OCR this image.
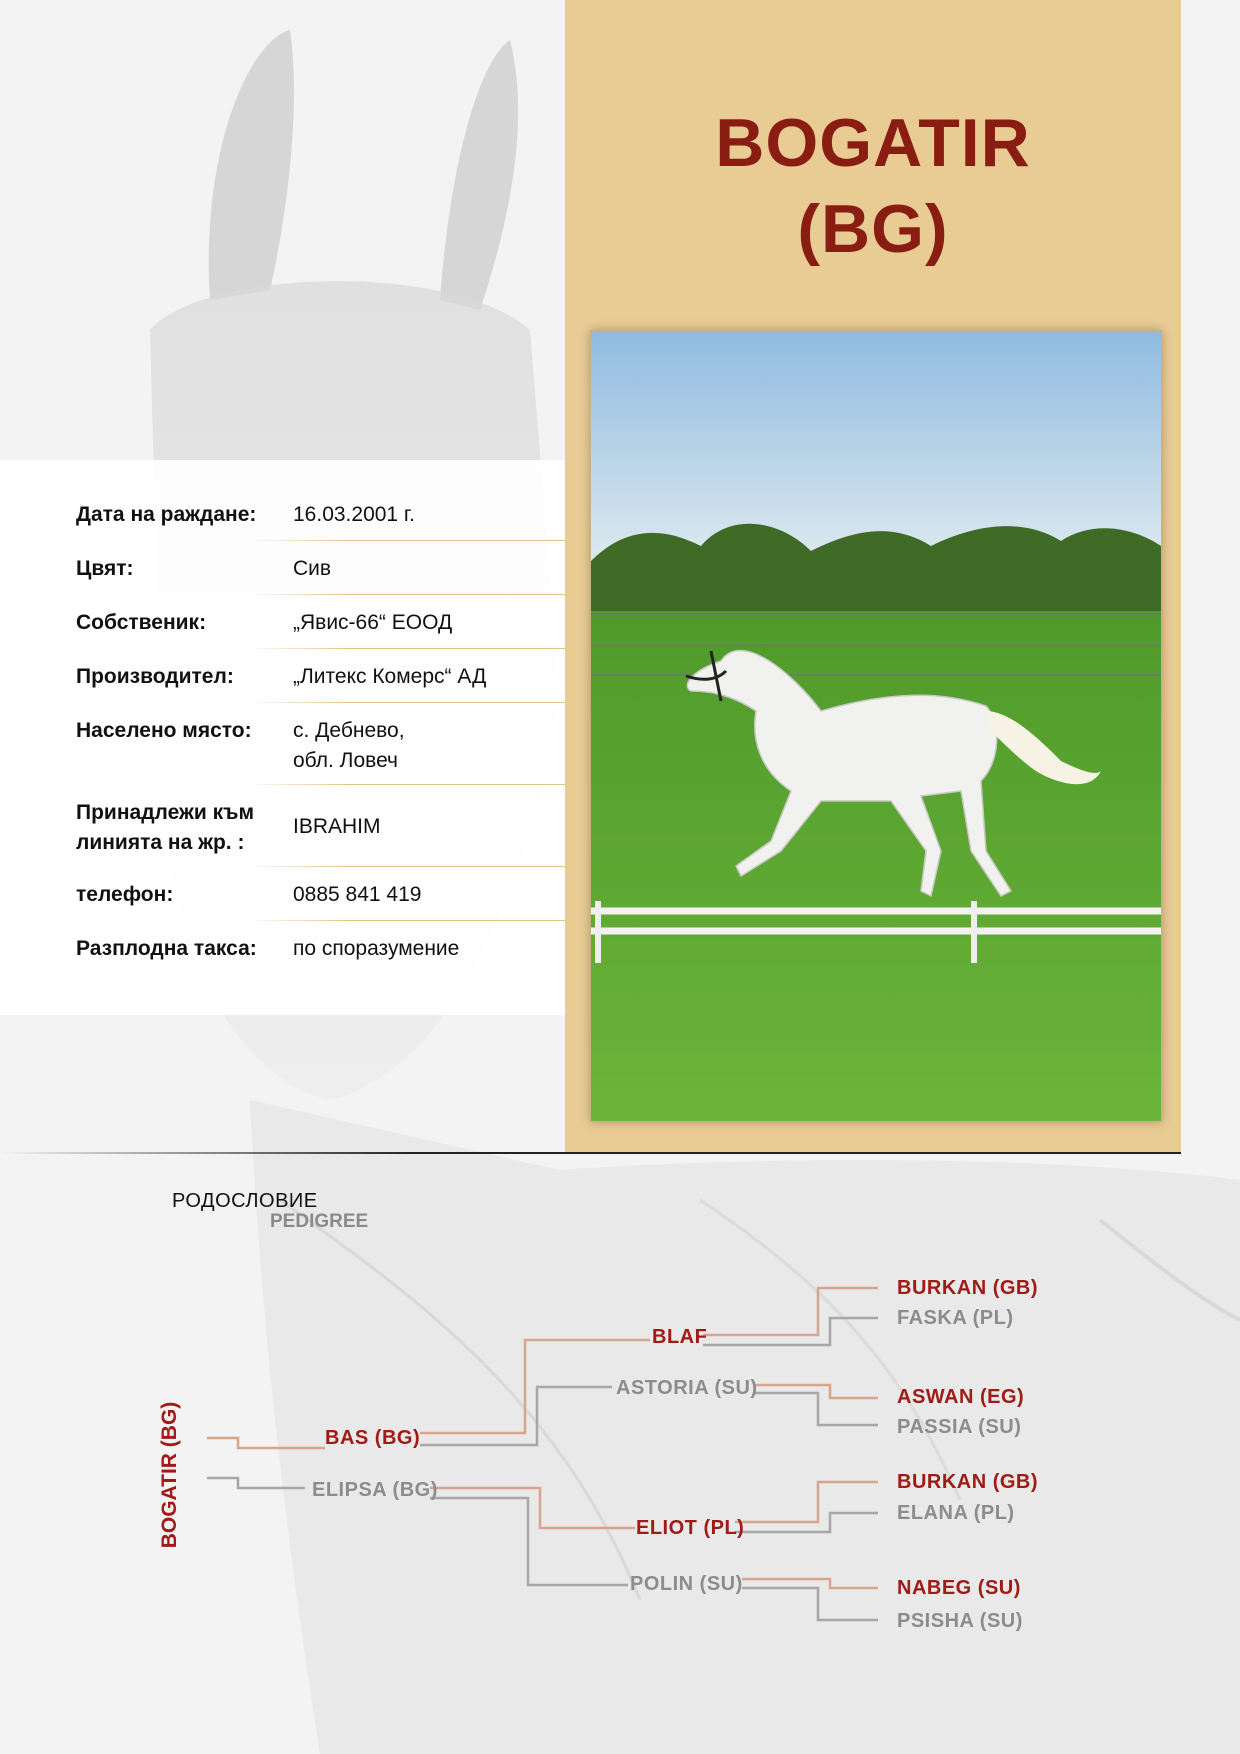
BOGATIR
(BG)
Дата на раждане:	16.03.2001 г.
Цвят:	Сив
Собственик:	„Явис-66“ ЕООД
Производител:	„Литекс Комерс“ АД
Населено място:	с. Дебнево,
обл. Ловеч
Принадлежи към
линията на жр. :
IBRAHIM
телефон:	0885 841 419
Разплодна такса:	по споразумение
РОДОСЛОВИЕ
PEDIGREE
BOGATIR (BG)	BAS (BG)
ELIPSA (BG)
BLAF
ASTORIA (SU)
ELIOT (PL)
POLIN (SU)
BURKAN (GB)
FASKA (PL)
ASWAN (EG)
PASSIA (SU)
BURKAN (GB)
ELANA (PL)
NABEG (SU)
PSISHA (SU)
